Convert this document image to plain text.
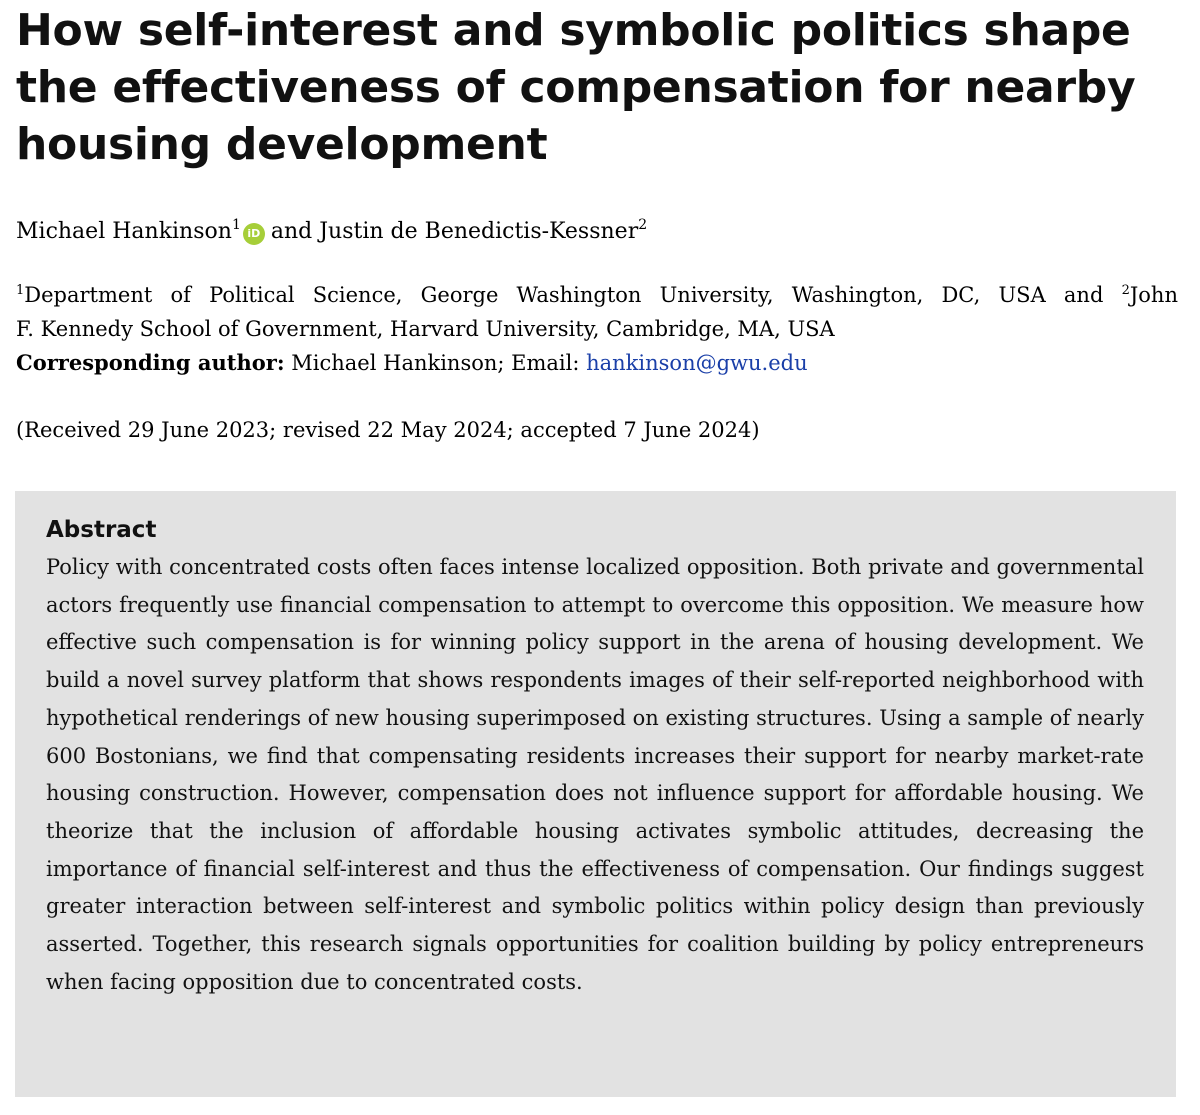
How self-interest and symbolic politics shape the effectiveness of compensation for nearby housing development
Michael Hankinson$^1$iD and Justin de Benedictis-Kessner$^2$
$^1$Department of Political Science, George Washington University, Washington, DC, USA and $^2$John
F. Kennedy School of Government, Harvard University, Cambridge, MA, USA
Corresponding author: Michael Hankinson; Email: hankinson@gwu.edu
(Received 29 June 2023; revised 22 May 2024; accepted 7 June 2024)
Abstract
Policy with concentrated costs often faces intense localized opposition. Both private and governmental actors frequently use financial compensation to attempt to overcome this opposition. We measure how effective such compensation is for winning policy support in the arena of housing development. We build a novel survey platform that shows respondents images of their self-reported neighborhood with hypothetical renderings of new housing superimposed on existing structures. Using a sample of nearly 600 Bostonians, we find that compensating residents increases their support for nearby market-rate housing construction. However, compensation does not influence support for affordable housing. We theorize that the inclusion of affordable housing activates symbolic attitudes, decreasing the importance of financial self-interest and thus the effectiveness of compensation. Our findings suggest greater interaction between self-interest and symbolic politics within policy design than previously asserted. Together, this research signals opportunities for coalition building by policy entrepreneurs when facing opposition due to concentrated costs.
